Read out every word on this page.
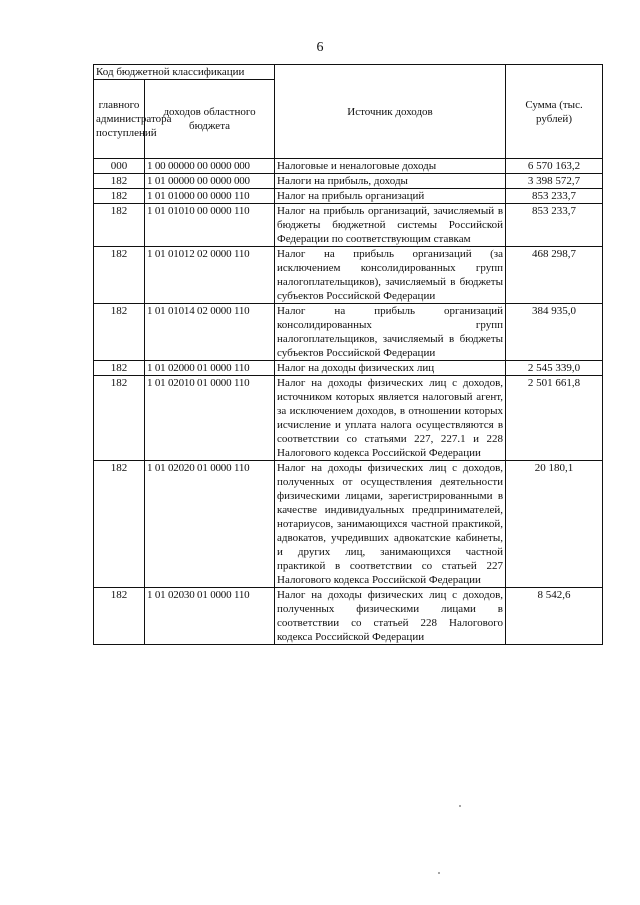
6
Код бюджетной классификации		Источник доходов	Сумма (тыс. рублей)
главного администратора поступлений	доходов областного бюджета		
000	1 00 00000 00 0000 000	Налоговые и неналоговые доходы	6 570 163,2
182	1 01 00000 00 0000 000	Налоги на прибыль, доходы	3 398 572,7
182	1 01 01000 00 0000 110	Налог на прибыль организаций	853 233,7
182	1 01 01010 00 0000 110	Налог на прибыль организаций, зачисляемый в бюджеты бюджетной системы Российской Федерации по соответствующим ставкам	853 233,7
182	1 01 01012 02 0000 110	Налог на прибыль организаций (за исключением консолидированных групп налогоплательщиков), зачисляемый в бюджеты субъектов Российской Федерации	468 298,7
182	1 01 01014 02 0000 110	Налог на прибыль организаций консолидированных групп налогоплательщиков, зачисляемый в бюджеты субъектов Российской Федерации	384 935,0
182	1 01 02000 01 0000 110	Налог на доходы физических лиц	2 545 339,0
182	1 01 02010 01 0000 110	Налог на доходы физических лиц с доходов, источником которых является налоговый агент, за исключением доходов, в отношении которых исчисление и уплата налога осуществляются в соответствии со статьями 227, 227.1 и 228 Налогового кодекса Российской Федерации	2 501 661,8
182	1 01 02020 01 0000 110	Налог на доходы физических лиц с доходов, полученных от осуществления деятельности физическими лицами, зарегистрированными в качестве индивидуальных предпринимателей, нотариусов, занимающихся частной практикой, адвокатов, учредивших адвокатские кабинеты, и других лиц, занимающихся частной практикой в соответствии со статьей 227 Налогового кодекса Российской Федерации	20 180,1
182	1 01 02030 01 0000 110	Налог на доходы физических лиц с доходов, полученных физическими лицами в соответствии со статьей 228 Налогового кодекса Российской Федерации	8 542,6
